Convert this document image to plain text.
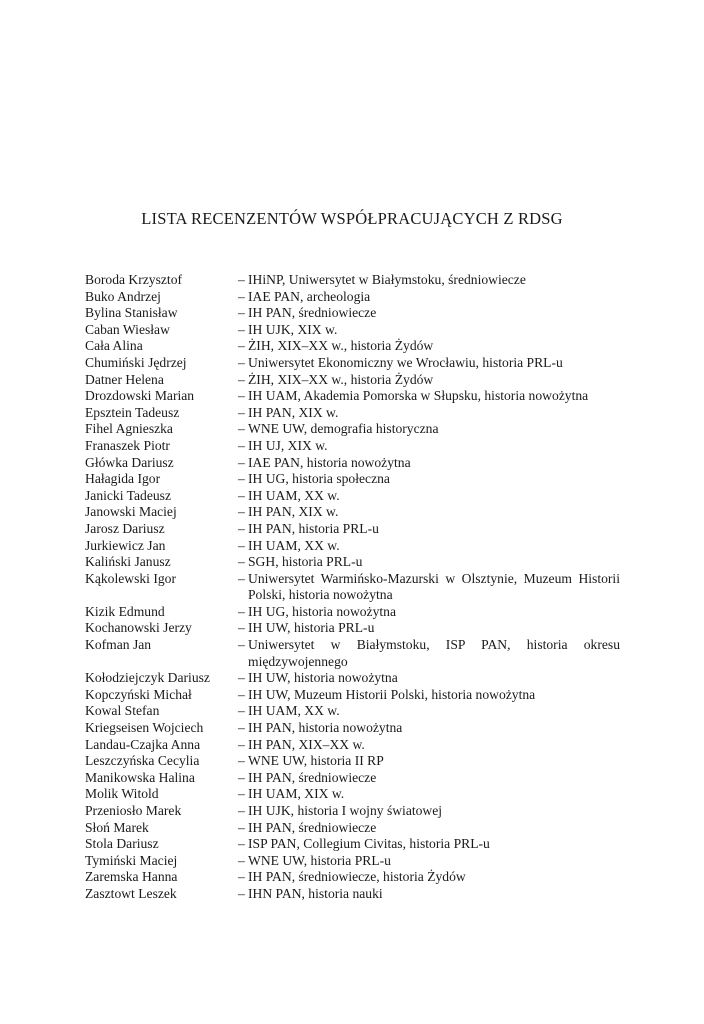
LISTA RECENZENTÓW WSPÓŁPRACUJĄCYCH Z RDSG
Boroda Krzysztof	– IHiNP, Uniwersytet w Białymstoku, średniowiecze
Buko Andrzej	– IAE PAN, archeologia
Bylina Stanisław	– IH PAN, średniowiecze
Caban Wiesław	– IH UJK, XIX w.
Cała Alina	– ŻIH, XIX–XX w., historia Żydów
Chumiński Jędrzej	– Uniwersytet Ekonomiczny we Wrocławiu, historia PRL-u
Datner Helena	– ŻIH, XIX–XX w., historia Żydów
Drozdowski Marian	– IH UAM, Akademia Pomorska w Słupsku, historia nowożytna
Epsztein Tadeusz	– IH PAN, XIX w.
Fihel Agnieszka	– WNE UW, demografia historyczna
Franaszek Piotr	– IH UJ, XIX w.
Główka Dariusz	– IAE PAN, historia nowożytna
Hałagida Igor	– IH UG, historia społeczna
Janicki Tadeusz	– IH UAM, XX w.
Janowski Maciej	– IH PAN, XIX w.
Jarosz Dariusz	– IH PAN, historia PRL-u
Jurkiewicz Jan	– IH UAM, XX w.
Kaliński Janusz	– SGH, historia PRL-u
Kąkolewski Igor	– Uniwersytet Warmińsko-Mazurski w Olsztynie, Muzeum Historii Polski, historia nowożytna
Kizik Edmund	– IH UG, historia nowożytna
Kochanowski Jerzy	– IH UW, historia PRL-u
Kofman Jan	– Uniwersytet w Białymstoku, ISP PAN, historia okresu międzywojennego
Kołodziejczyk Dariusz	– IH UW, historia nowożytna
Kopczyński Michał	– IH UW, Muzeum Historii Polski, historia nowożytna
Kowal Stefan	– IH UAM, XX w.
Kriegseisen Wojciech	– IH PAN, historia nowożytna
Landau-Czajka Anna	– IH PAN, XIX–XX w.
Leszczyńska Cecylia	– WNE UW, historia II RP
Manikowska Halina	– IH PAN, średniowiecze
Molik Witold	– IH UAM, XIX w.
Przeniosło Marek	– IH UJK, historia I wojny światowej
Słoń Marek	– IH PAN, średniowiecze
Stola Dariusz	– ISP PAN, Collegium Civitas, historia PRL-u
Tymiński Maciej	– WNE UW, historia PRL-u
Zaremska Hanna	– IH PAN, średniowiecze, historia Żydów
Zasztowt Leszek	– IHN PAN, historia nauki
